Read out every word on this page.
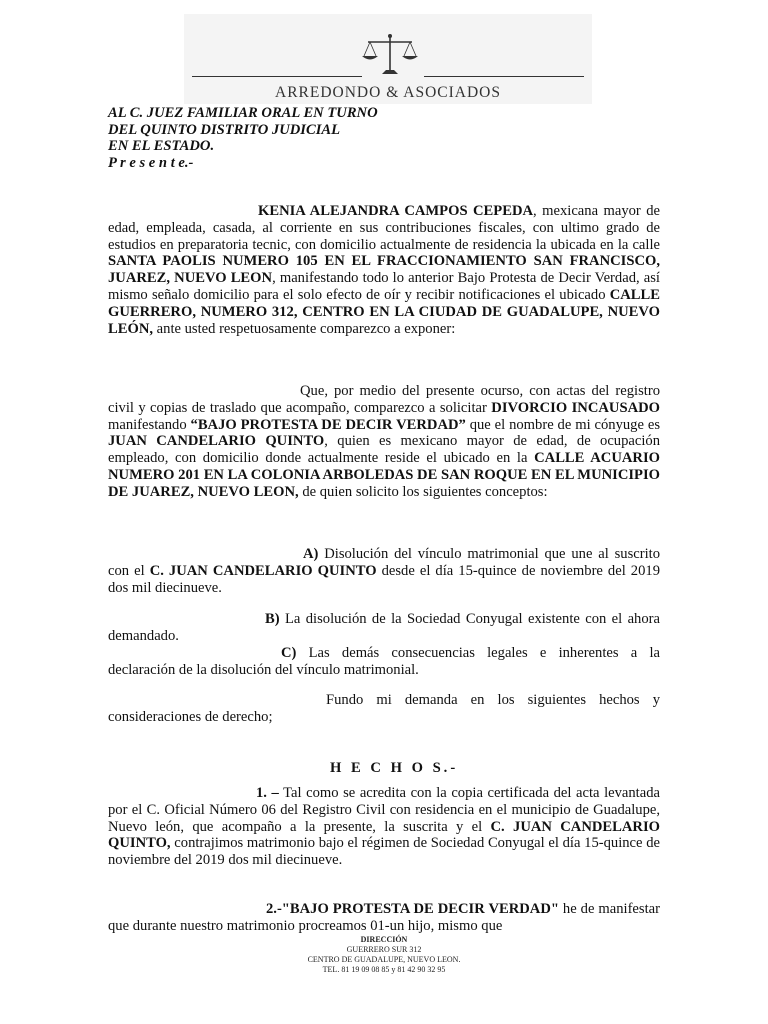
ARREDONDO & ASOCIADOS
AL C. JUEZ FAMILIAR ORAL EN TURNO
DEL QUINTO DISTRITO JUDICIAL
EN EL ESTADO.
P r e s e n t e.-
KENIA ALEJANDRA CAMPOS CEPEDA, mexicana mayor de edad, empleada, casada, al corriente en sus contribuciones fiscales, con ultimo grado de estudios en preparatoria tecnic, con domicilio actualmente de residencia la ubicada en la calle SANTA PAOLIS NUMERO 105 EN EL FRACCIONAMIENTO SAN FRANCISCO, JUAREZ, NUEVO LEON, manifestando todo lo anterior Bajo Protesta de Decir Verdad, así mismo señalo domicilio para el solo efecto de oír y recibir notificaciones el ubicado CALLE GUERRERO, NUMERO 312, CENTRO EN LA CIUDAD DE GUADALUPE, NUEVO LEÓN, ante usted respetuosamente comparezco a exponer:
Que, por medio del presente ocurso, con actas del registro civil y copias de traslado que acompaño, comparezco a solicitar DIVORCIO INCAUSADO manifestando “BAJO PROTESTA DE DECIR VERDAD” que el nombre de mi cónyuge es JUAN CANDELARIO QUINTO, quien es mexicano mayor de edad, de ocupación empleado, con domicilio donde actualmente reside el ubicado en la CALLE ACUARIO NUMERO 201 EN LA COLONIA ARBOLEDAS DE SAN ROQUE EN EL MUNICIPIO DE JUAREZ, NUEVO LEON, de quien solicito los siguientes conceptos:
A) Disolución del vínculo matrimonial que une al suscrito con el C. JUAN CANDELARIO QUINTO desde el día 15-quince de noviembre del 2019 dos mil diecinueve.
B) La disolución de la Sociedad Conyugal existente con el ahora demandado.
C) Las demás consecuencias legales e inherentes a la declaración de la disolución del vínculo matrimonial.
Fundo mi demanda en los siguientes hechos y consideraciones de derecho;
H E C H O S.-
1. – Tal como se acredita con la copia certificada del acta levantada por el C. Oficial Número 06 del Registro Civil con residencia en el municipio de Guadalupe, Nuevo león, que acompaño a la presente, la suscrita y el C. JUAN CANDELARIO QUINTO, contrajimos matrimonio bajo el régimen de Sociedad Conyugal el día 15-quince de noviembre del 2019 dos mil diecinueve.
2.-"BAJO PROTESTA DE DECIR VERDAD" he de manifestar que durante nuestro matrimonio procreamos 01-un hijo, mismo que
DIRECCIÓN
GUERRERO SUR 312
CENTRO DE GUADALUPE, NUEVO LEON.
TEL. 81 19 09 08 85 y 81 42 90 32 95
